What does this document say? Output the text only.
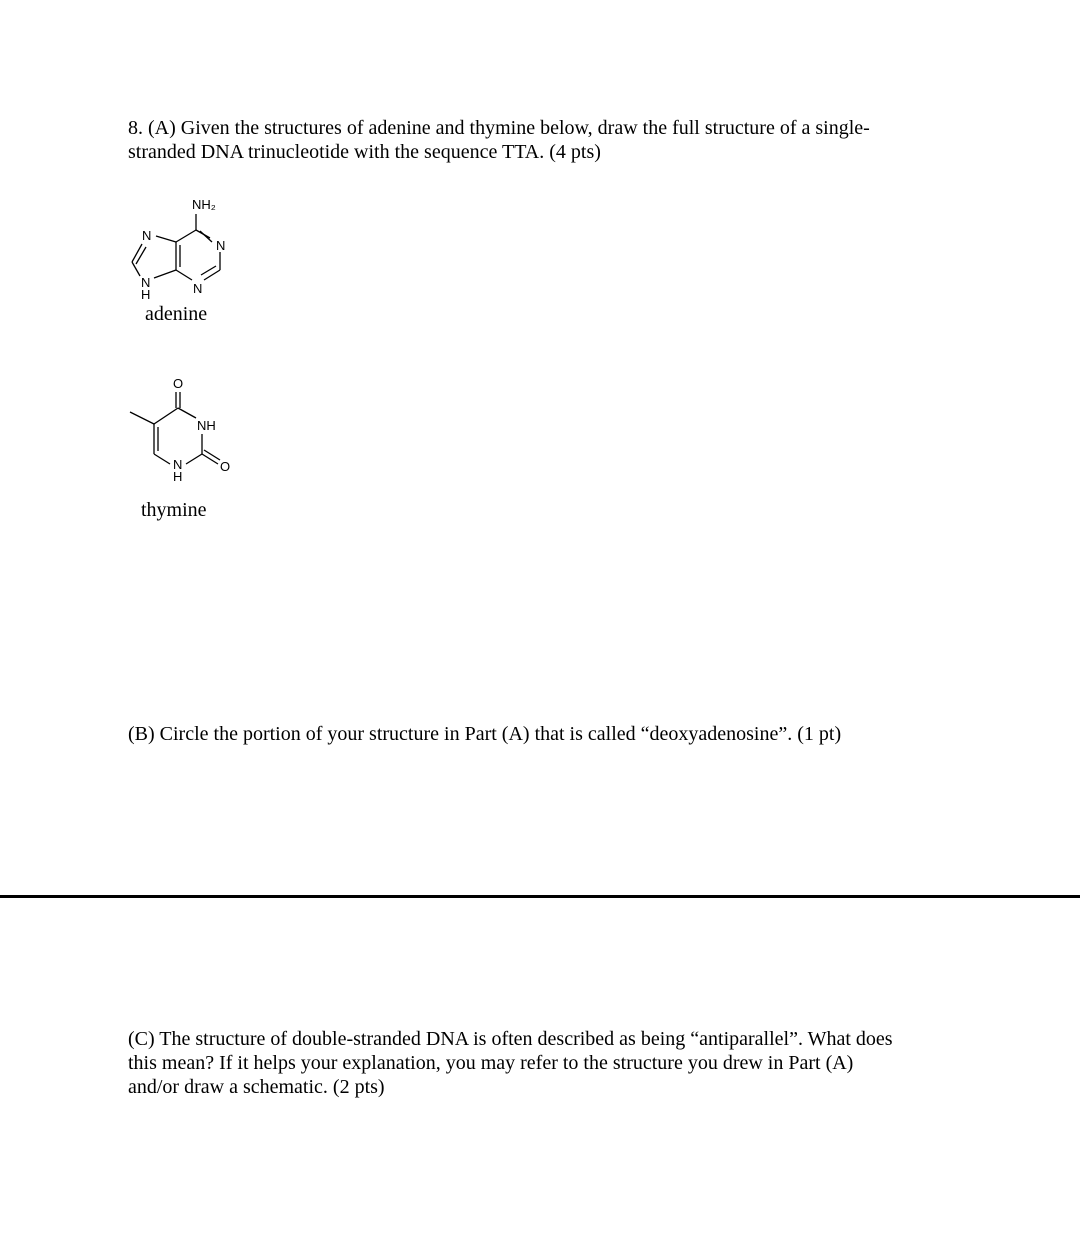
8. (A) Given the structures of adenine and thymine below, draw the full structure of a single-
stranded DNA trinucleotide with the sequence TTA. (4 pts)

NH₂
N
N
N
N
H

adenine

O
NH
O
N
H

thymine

(B) Circle the portion of your structure in Part (A) that is called “deoxyadenosine”. (1 pt)

(C) The structure of double-stranded DNA is often described as being “antiparallel”. What does
this mean? If it helps your explanation, you may refer to the structure you drew in Part (A)
and/or draw a schematic. (2 pts)
